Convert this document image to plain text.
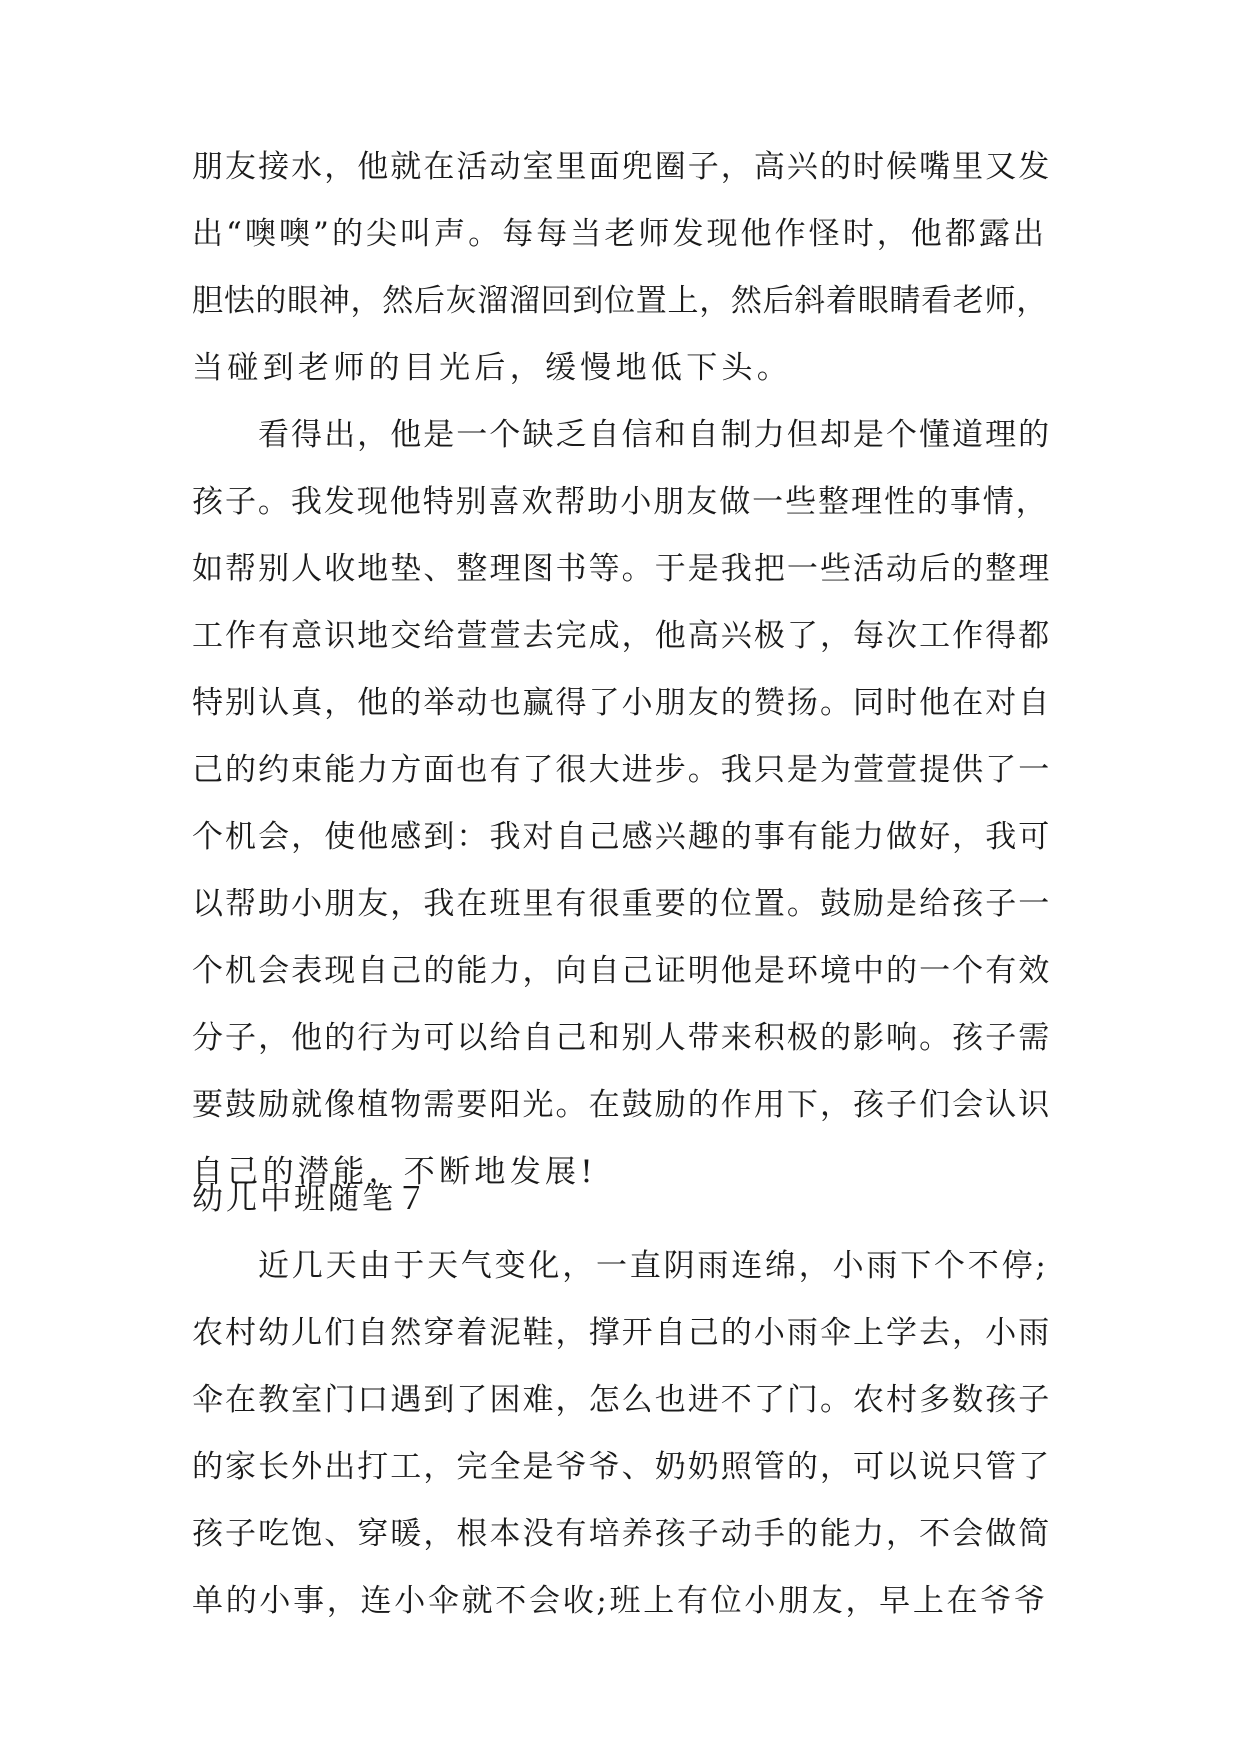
朋友接水，他就在活动室里面兜圈子，高兴的时候嘴里又发
出“噢噢”的尖叫声。每每当老师发现他作怪时，他都露出
胆怯的眼神，然后灰溜溜回到位置上，然后斜着眼睛看老师，
当碰到老师的目光后，缓慢地低下头。
看得出，他是一个缺乏自信和自制力但却是个懂道理的
孩子。我发现他特别喜欢帮助小朋友做一些整理性的事情，
如帮别人收地垫、整理图书等。于是我把一些活动后的整理
工作有意识地交给萱萱去完成，他高兴极了，每次工作得都
特别认真，他的举动也赢得了小朋友的赞扬。同时他在对自
己的约束能力方面也有了很大进步。我只是为萱萱提供了一
个机会，使他感到：我对自己感兴趣的事有能力做好，我可
以帮助小朋友，我在班里有很重要的位置。鼓励是给孩子一
个机会表现自己的能力，向自己证明他是环境中的一个有效
分子，他的行为可以给自己和别人带来积极的影响。孩子需
要鼓励就像植物需要阳光。在鼓励的作用下，孩子们会认识
自己的潜能，不断地发展!
幼儿中班随笔７
近几天由于天气变化，一直阴雨连绵，小雨下个不停;
农村幼儿们自然穿着泥鞋，撑开自己的小雨伞上学去，小雨
伞在教室门口遇到了困难，怎么也进不了门。农村多数孩子
的家长外出打工，完全是爷爷、奶奶照管的，可以说只管了
孩子吃饱、穿暖，根本没有培养孩子动手的能力，不会做简
单的小事，连小伞就不会收;班上有位小朋友，早上在爷爷
